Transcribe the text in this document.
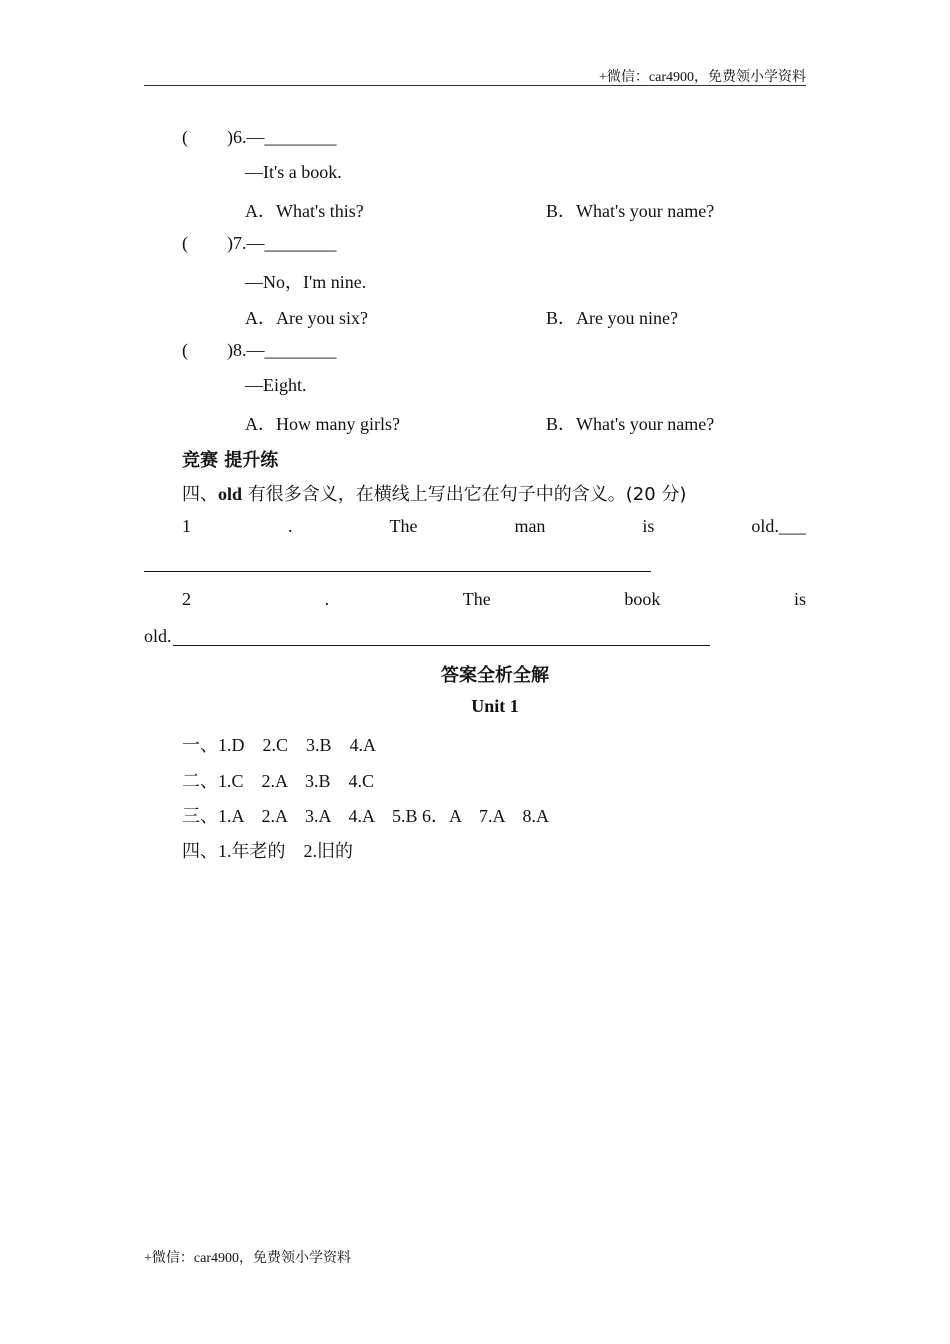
+微信：car4900，免费领小学资料
( )6.—________
—It's a book.
A．What's this?	B．What's your name?
( )7.—________
—No，I'm nine.
A．Are you six?	B．Are you nine?
( )8.—________
—Eight.
A．How many girls?	B．What's your name?
竞赛 提升练
四、old 有很多含义，在横线上写出它在句子中的含义。(20 分)
1	.	The	man	is	old.___
2	.	The	book	is
old.
答案全析全解
Unit 1
一、1.D　2.C　3.B　4.A
二、1.C　2.A　3.B　4.C
三、1.A　2.A　3.A　4.A　5.B 6．A　7.A　8.A
四、1.年老的　2.旧的
+微信：car4900，免费领小学资料
